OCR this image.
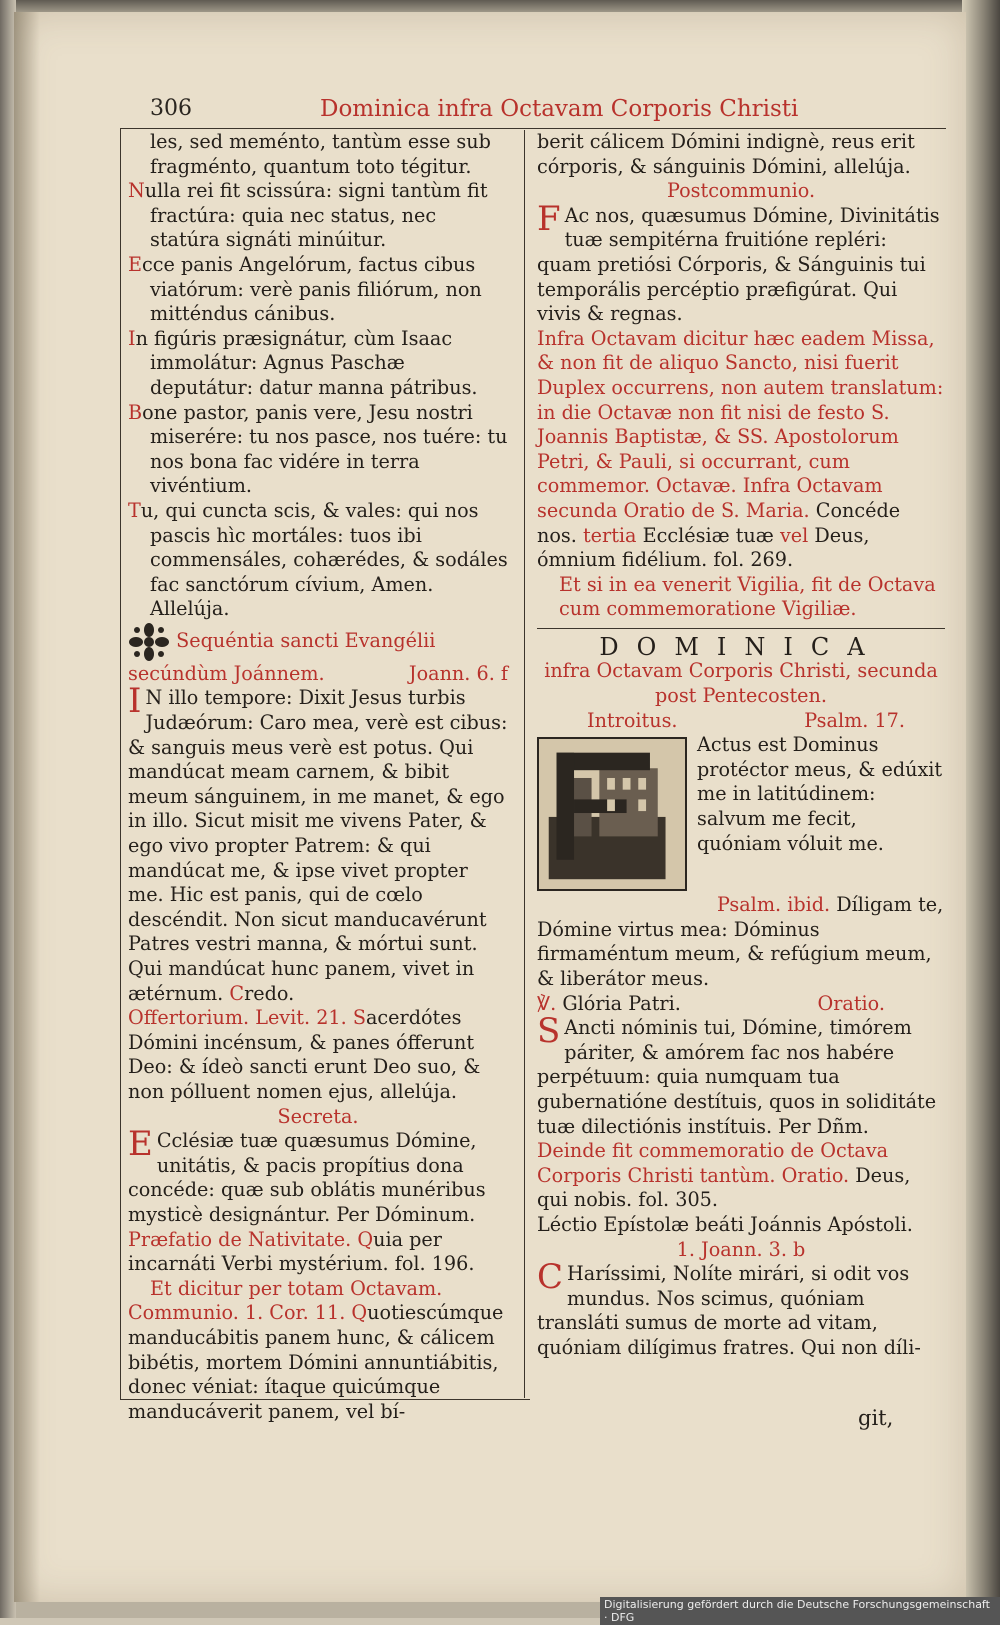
306	Dominica infra Octavam Corporis Christi

les, sed meménto, tantùm esse sub

fragménto, quantum toto tégitur.

Nulla rei fit scissúra: signi tantùm fit fractúra: quia nec status, nec statúra signáti minúitur.

Ecce panis Angelórum, factus cibus viatórum: verè panis filiórum, non mitténdus cánibus.

In figúris præsignátur, cùm Isaac immolátur: Agnus Paschæ deputátur: datur manna pátribus.

Bone pastor, panis vere, Jesu nostri miserére: tu nos pasce, nos tuére: tu nos bona fac vidére in terra vivéntium.

Tu, qui cuncta scis, & vales: qui nos pascis hìc mortáles: tuos ibi commensáles, cohærédes, & sodáles fac sanctórum cívium, Amen. Allelúja.

Sequéntia sancti Evangélii secúndùm Joánnem.	Joann. 6. f

I N illo tempore: Dixit Jesus turbis Judæórum: Caro mea, verè est cibus: & sanguis meus verè est potus. Qui mandúcat meam carnem, & bibit meum sánguinem, in me manet, & ego in illo. Sicut misit me vivens Pater, & ego vivo propter Patrem: & qui mandúcat me, & ipse vivet propter me. Hic est panis, qui de cœlo descéndit. Non sicut manducavérunt Patres vestri manna, & mórtui sunt. Qui mandúcat hunc panem, vivet in ætérnum. Credo.

Offertorium. Levit. 21. Sacerdótes Dómini incénsum, & panes ófferunt Deo: & ídeò sancti erunt Deo suo, & non pólluent nomen ejus, allelúja.

Secreta.

E Cclésiæ tuæ quæsumus Dómine, unitátis, & pacis propítius dona concéde: quæ sub oblátis munéribus mysticè designántur. Per Dóminum.

Præfatio de Nativitate. Quia per incarnáti Verbi mystérium. fol. 196.

Et dicitur per totam Octavam.

Communio. 1. Cor. 11. Quotiescúmque manducábitis panem hunc, & cálicem bibétis, mortem Dómini annuntiábitis, donec véniat: ítaque quicúmque manducáverit panem, vel bí-

berit cálicem Dómini indignè, reus erit córporis, & sánguinis Dómini, allelúja.

Postcommunio.

F Ac nos, quæsumus Dómine, Divinitátis tuæ sempitérna fruitióne repléri: quam pretiósi Córporis, & Sánguinis tui temporális percéptio præfigúrat. Qui vivis & regnas.

Infra Octavam dicitur hæc eadem Missa, & non fit de aliquo Sancto, nisi fuerit Duplex occurrens, non autem translatum: in die Octavæ non fit nisi de festo S. Joannis Baptistæ, & SS. Apostolorum Petri, & Pauli, si occurrant, cum commemor. Octavæ. Infra Octavam secunda Oratio de S. Maria. Concéde nos. tertia Ecclésiæ tuæ vel Deus, ómnium fidélium. fol. 269.

Et si in ea venerit Vigilia, fit de Octava cum commemoratione Vigiliæ.

DOMINICA

infra Octavam Corporis Christi, secunda post Pentecosten.

Introitus.	Psalm. 17.

Actus est Dominus protéctor meus, & edúxit me in latitúdinem: salvum me fecit, quóniam vóluit me.

Psalm. ibid. Díligam te, Dómine virtus mea: Dóminus firmaméntum meum, & refúgium meum, & liberátor meus.

℣. Glória Patri.	Oratio.

S Ancti nóminis tui, Dómine, timórem páriter, & amórem fac nos habére perpétuum: quia numquam tua gubernatióne destítuis, quos in soliditáte tuæ dilectiónis instítuis. Per Dñm.

Deinde fit commemoratio de Octava Corporis Christi tantùm. Oratio. Deus, qui nobis. fol. 305.

Léctio Epístolæ beáti Joánnis Apóstoli.

1. Joann. 3. b

C Haríssimi, Nolíte mirári, si odit vos mundus. Nos scimus, quóniam transláti sumus de morte ad vitam, quóniam dilígimus fratres. Qui non díli-

git,
Digitalisierung gefördert durch die Deutsche Forschungsgemeinschaft · DFG
